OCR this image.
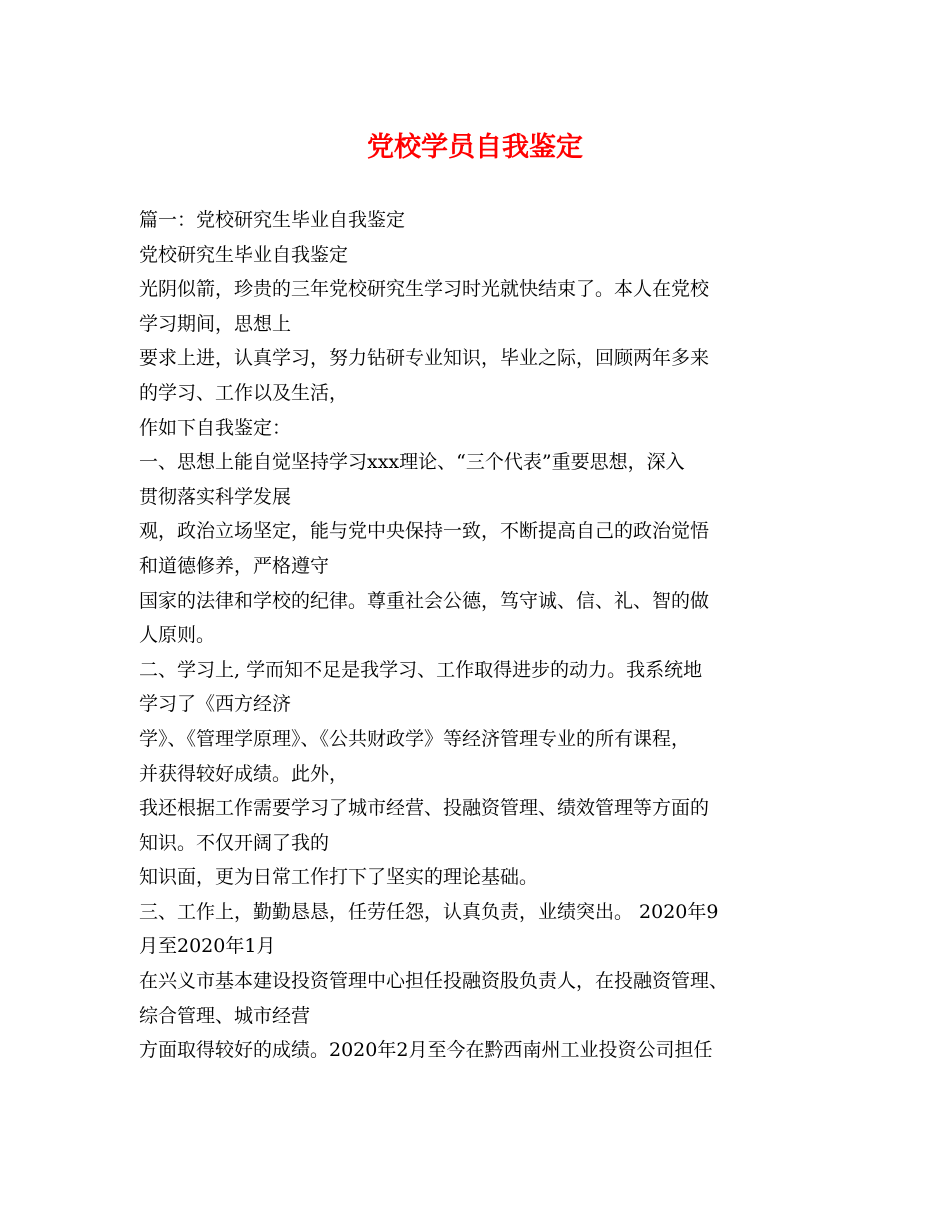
党校学员自我鉴定
篇一：党校研究生毕业自我鉴定
党校研究生毕业自我鉴定
光阴似箭，珍贵的三年党校研究生学习时光就快结束了。本人在党校
学习期间，思想上
要求上进，认真学习，努力钻研专业知识，毕业之际，回顾两年多来
的学习、工作以及生活，
作如下自我鉴定：
一、思想上能自觉坚持学习xxx理论、“三个代表”重要思想，深入
贯彻落实科学发展
观，政治立场坚定，能与党中央保持一致，不断提高自己的政治觉悟
和道德修养，严格遵守
国家的法律和学校的纪律。尊重社会公德，笃守诚、信、礼、智的做
人原则。
二、学习上, 学而知不足是我学习、工作取得进步的动力。我系统地
学习了《西方经济
学》、《管理学原理》、《公共财政学》等经济管理专业的所有课程，
并获得较好成绩。此外，
我还根据工作需要学习了城市经营、投融资管理、绩效管理等方面的
知识。不仅开阔了我的
知识面，更为日常工作打下了坚实的理论基础。
三、工作上，勤勤恳恳，任劳任怨，认真负责，业绩突出。 2020年9
月至2020年1月
在兴义市基本建设投资管理中心担任投融资股负责人，在投融资管理、
综合管理、城市经营
方面取得较好的成绩。2020年2月至今在黔西南州工业投资公司担任
